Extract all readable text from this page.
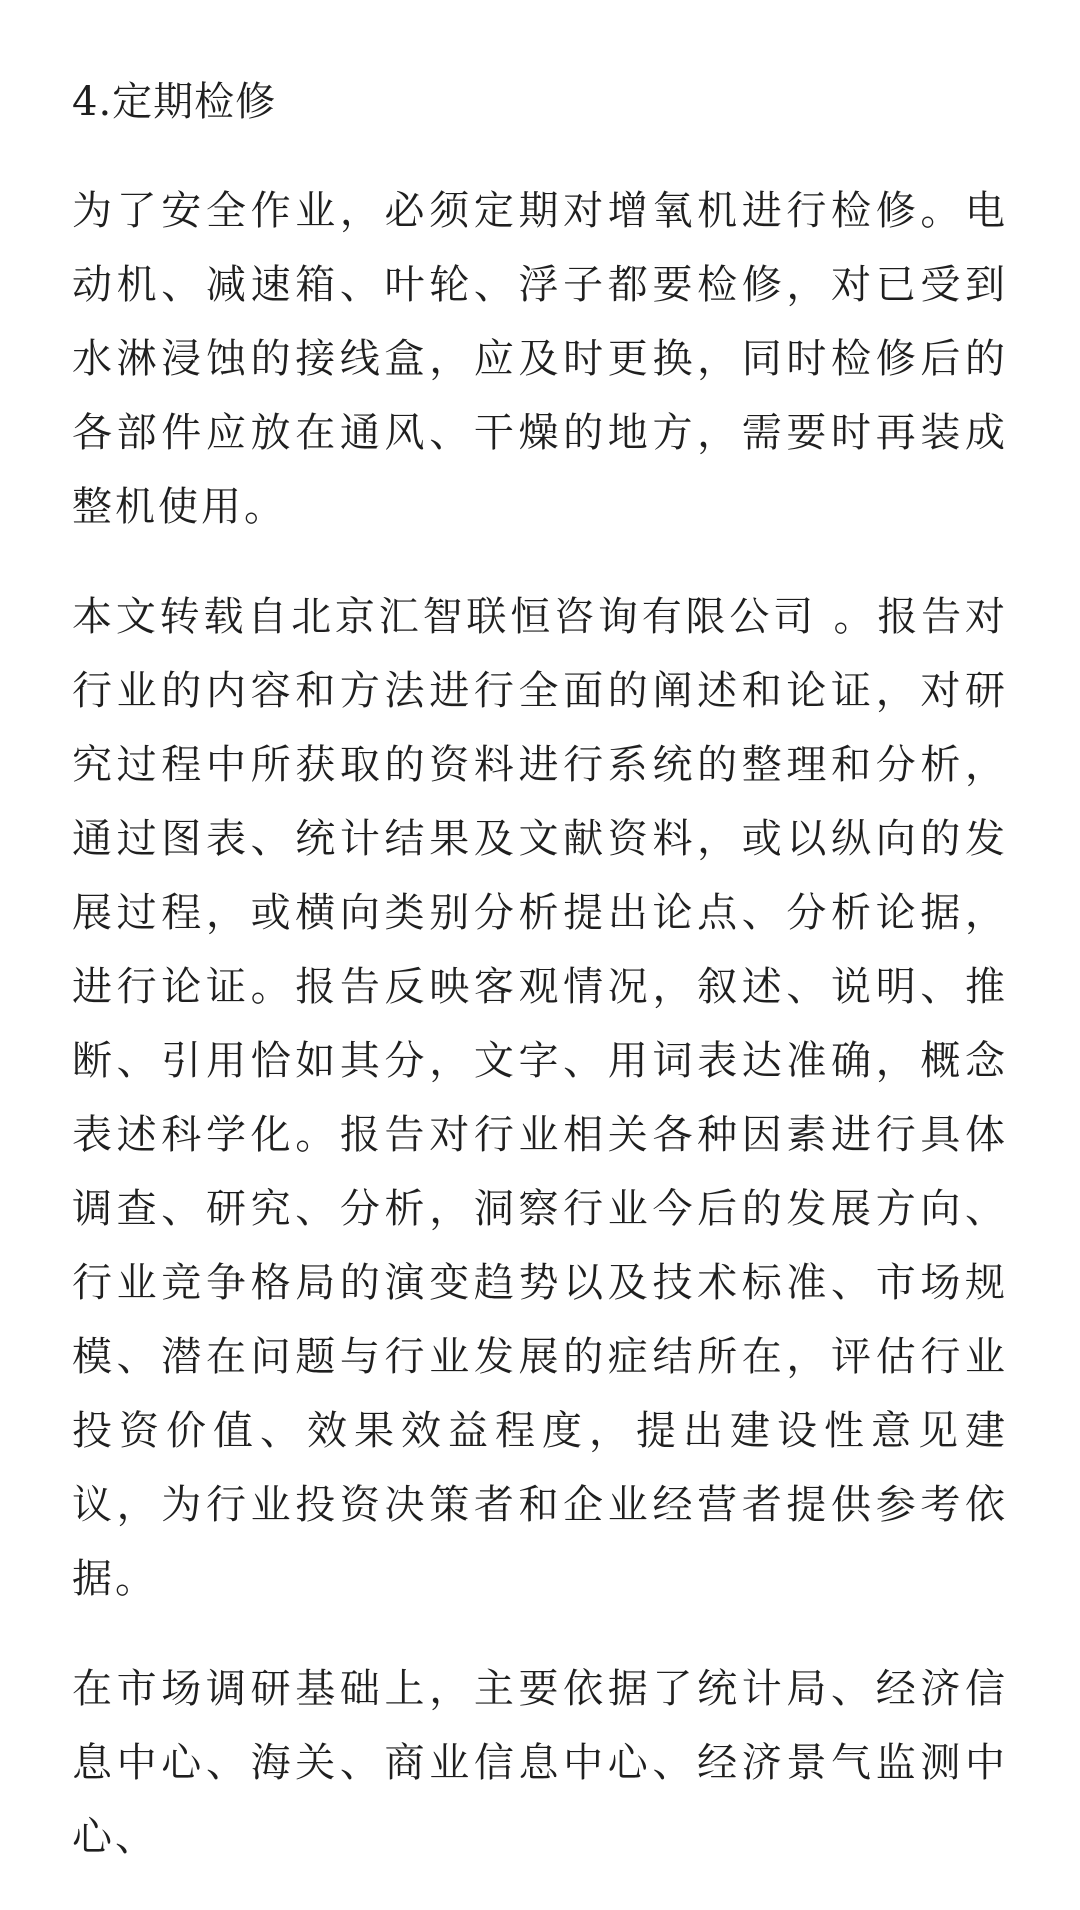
4.定期检修

为了安全作业，必须定期对增氧机进行检修。电动机、减速箱、叶轮、浮子都要检修，对已受到水淋浸蚀的接线盒，应及时更换，同时检修后的各部件应放在通风、干燥的地方，需要时再装成整机使用。

本文转载自北京汇智联恒咨询有限公司 。报告对行业的内容和方法进行全面的阐述和论证，对研究过程中所获取的资料进行系统的整理和分析，通过图表、统计结果及文献资料，或以纵向的发展过程，或横向类别分析提出论点、分析论据，进行论证。报告反映客观情况，叙述、说明、推断、引用恰如其分，文字、用词表达准确，概念表述科学化。报告对行业相关各种因素进行具体调查、研究、分析，洞察行业今后的发展方向、行业竞争格局的演变趋势以及技术标准、市场规模、潜在问题与行业发展的症结所在，评估行业投资价值、效果效益程度，提出建设性意见建议，为行业投资决策者和企业经营者提供参考依据。

在市场调研基础上，主要依据了统计局、经济信息中心、海关、商业信息中心、经济景气监测中心、
